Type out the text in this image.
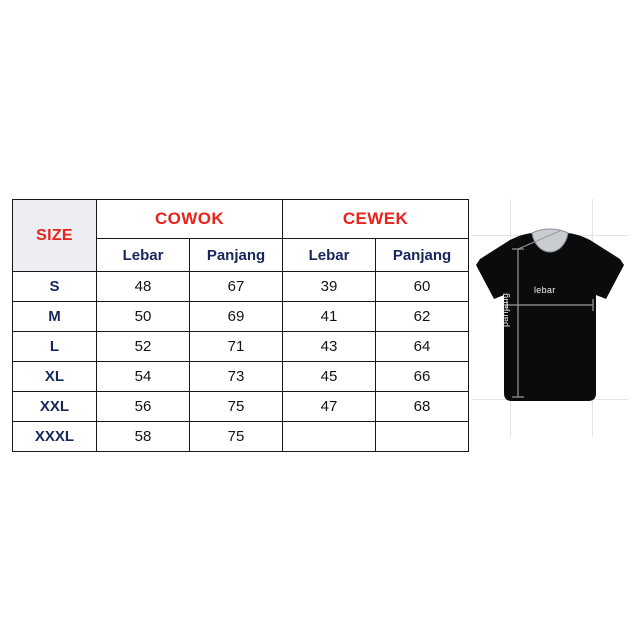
SIZE	COWOK		CEWEK	
	Lebar	Panjang	Lebar	Panjang
S	48	67	39	60
M	50	69	41	62
L	52	71	43	64
XL	54	73	45	66
XXL	56	75	47	68
XXXL	58	75		
lebar
panjang
